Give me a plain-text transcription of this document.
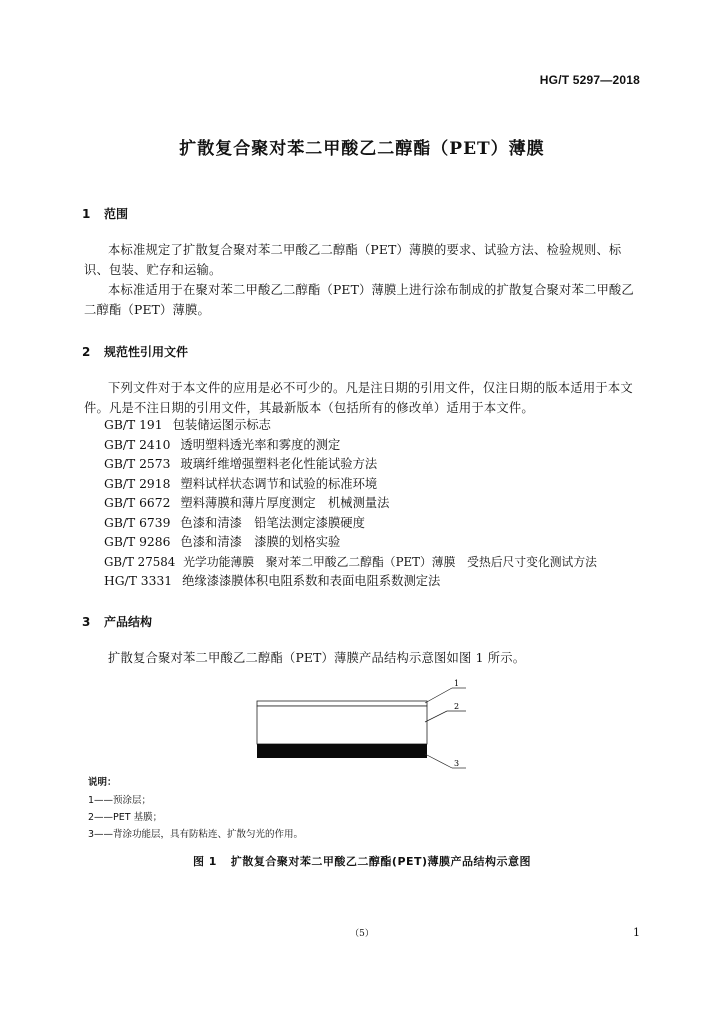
HG/T 5297—2018
扩散复合聚对苯二甲酸乙二醇酯（PET）薄膜
1 范围
本标准规定了扩散复合聚对苯二甲酸乙二醇酯（PET）薄膜的要求、试验方法、检验规则、标识、包装、贮存和运输。
本标准适用于在聚对苯二甲酸乙二醇酯（PET）薄膜上进行涂布制成的扩散复合聚对苯二甲酸乙二醇酯（PET）薄膜。
2 规范性引用文件
下列文件对于本文件的应用是必不可少的。凡是注日期的引用文件，仅注日期的版本适用于本文件。凡是不注日期的引用文件，其最新版本（包括所有的修改单）适用于本文件。
GB/T 191 包装储运图示标志
GB/T 2410 透明塑料透光率和雾度的测定
GB/T 2573 玻璃纤维增强塑料老化性能试验方法
GB/T 2918 塑料试样状态调节和试验的标准环境
GB/T 6672 塑料薄膜和薄片厚度测定　机械测量法
GB/T 6739 色漆和清漆　铅笔法测定漆膜硬度
GB/T 9286 色漆和清漆　漆膜的划格实验
GB/T 27584 光学功能薄膜　聚对苯二甲酸乙二醇酯（PET）薄膜　受热后尺寸变化测试方法
HG/T 3331 绝缘漆漆膜体积电阻系数和表面电阻系数测定法
3 产品结构
扩散复合聚对苯二甲酸乙二醇酯（PET）薄膜产品结构示意图如图 1 所示。
1
2
3
说明：
1——预涂层；
2——PET 基膜；
3——背涂功能层，具有防粘连、扩散匀光的作用。
图 1 扩散复合聚对苯二甲酸乙二醇酯(PET)薄膜产品结构示意图
（5）	1
